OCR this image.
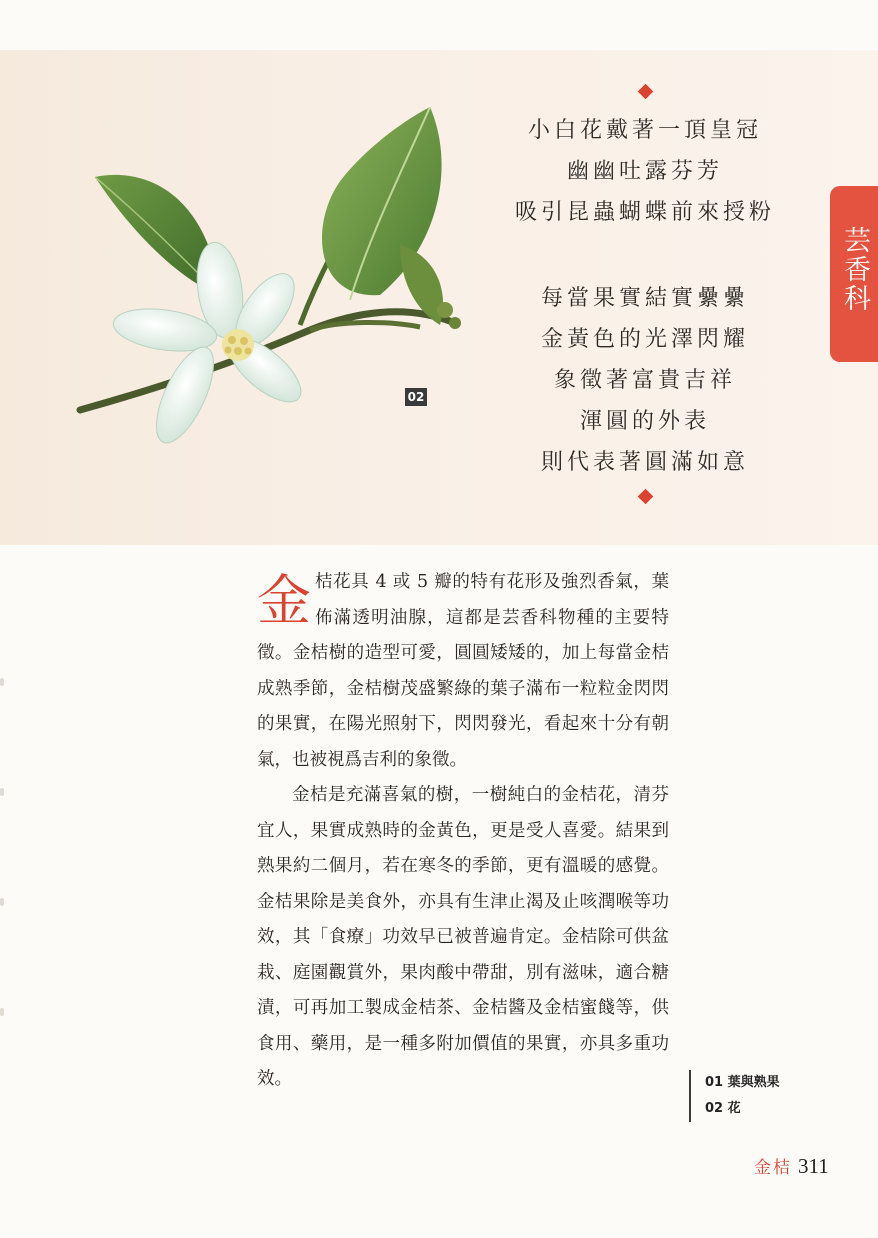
02
小白花戴著一頂皇冠
幽幽吐露芬芳
吸引昆蟲蝴蝶前來授粉
每當果實結實纍纍
金黃色的光澤閃耀
象徵著富貴吉祥
渾圓的外表
則代表著圓滿如意
芸香科

金桔花具 4 或 5 瓣的特有花形及強烈香氣，葉佈滿透明油腺，這都是芸香科物種的主要特徵。金桔樹的造型可愛，圓圓矮矮的，加上每當金桔成熟季節，金桔樹茂盛繁綠的葉子滿布一粒粒金閃閃的果實，在陽光照射下，閃閃發光，看起來十分有朝氣，也被視爲吉利的象徵。

金桔是充滿喜氣的樹，一樹純白的金桔花，清芬宜人，果實成熟時的金黃色，更是受人喜愛。結果到熟果約二個月，若在寒冬的季節，更有溫暖的感覺。金桔果除是美食外，亦具有生津止渴及止咳潤喉等功效，其「食療」功效早已被普遍肯定。金桔除可供盆栽、庭園觀賞外，果肉酸中帶甜，別有滋味，適合糖漬，可再加工製成金桔茶、金桔醬及金桔蜜餞等，供食用、藥用，是一種多附加價值的果實，亦具多重功效。	01 葉與熟果
02 花
金桔 311
